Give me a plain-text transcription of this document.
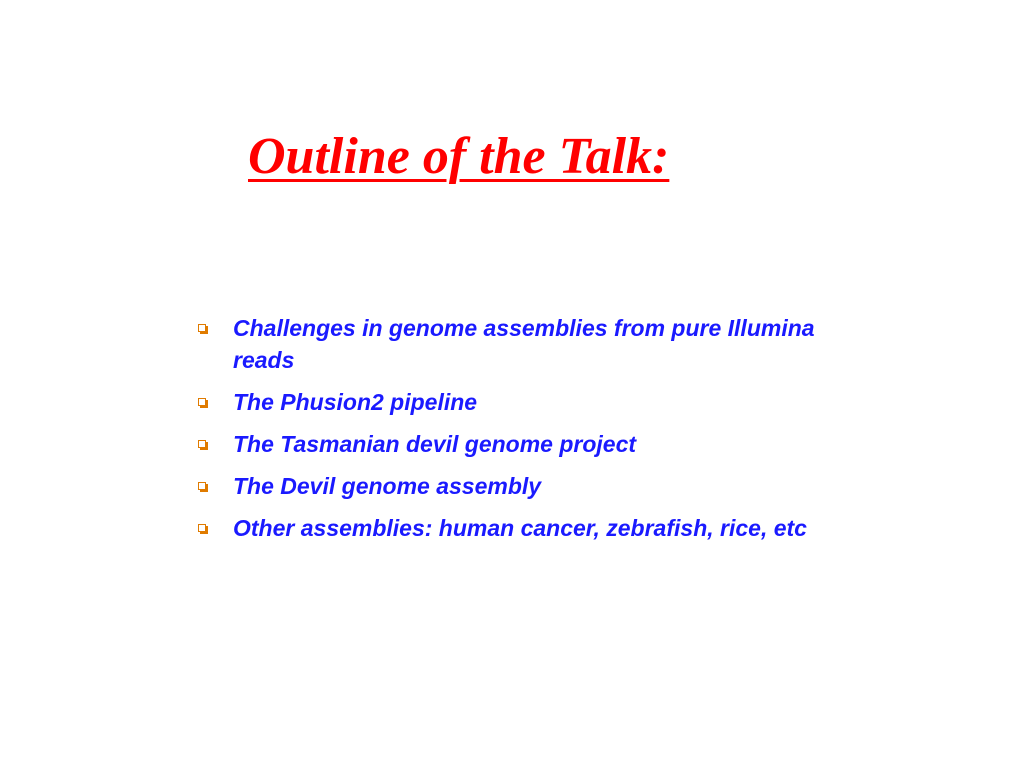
Outline of the Talk:
Challenges in genome assemblies from pure Illumina reads
The Phusion2 pipeline
The Tasmanian devil genome project
The Devil genome assembly
Other assemblies: human cancer, zebrafish, rice, etc
